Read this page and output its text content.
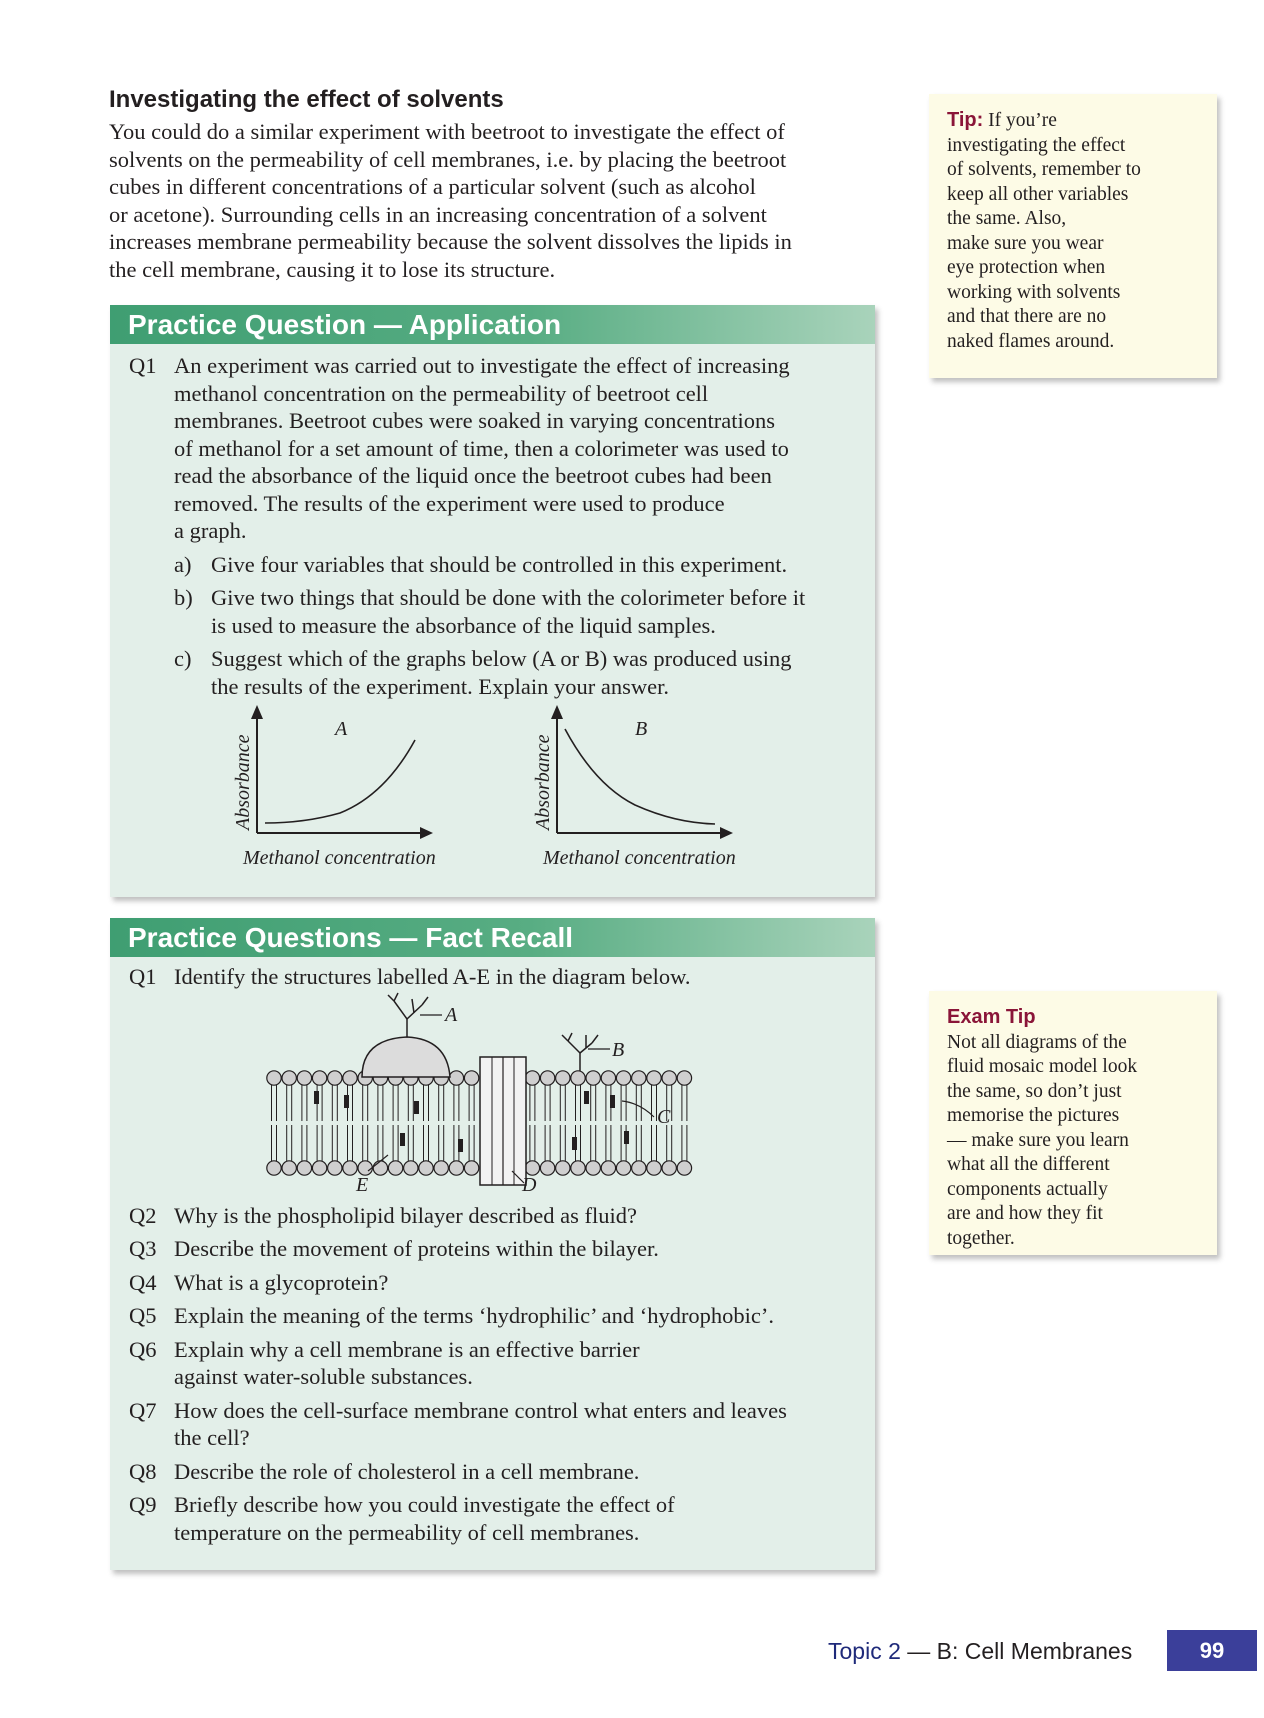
Investigating the effect of solvents

You could do a similar experiment with beetroot to investigate the effect of
solvents on the permeability of cell membranes, i.e. by placing the beetroot
cubes in different concentrations of a particular solvent (such as alcohol
or acetone). Surrounding cells in an increasing concentration of a solvent
increases membrane permeability because the solvent dissolves the lipids in
the cell membrane, causing it to lose its structure.

Practice Question — Application
Q1 An experiment was carried out to investigate the effect of increasing
methanol concentration on the permeability of beetroot cell
membranes. Beetroot cubes were soaked in varying concentrations
of methanol for a set amount of time, then a colorimeter was used to
read the absorbance of the liquid once the beetroot cubes had been
removed. The results of the experiment were used to produce
a graph.
a) Give four variables that should be controlled in this experiment.
b) Give two things that should be done with the colorimeter before it
is used to measure the absorbance of the liquid samples.
c) Suggest which of the graphs below (A or B) was produced using
the results of the experiment. Explain your answer.
A
Absorbance
Methanol concentration
B
Absorbance
Methanol concentration
Practice Questions — Fact Recall
Q1 Identify the structures labelled A-E in the diagram below.
A
B
C
E	D
Q2 Why is the phospholipid bilayer described as fluid?
Q3 Describe the movement of proteins within the bilayer.
Q4 What is a glycoprotein?
Q5 Explain the meaning of the terms ‘hydrophilic’ and ‘hydrophobic’.
Q6 Explain why a cell membrane is an effective barrier
against water-soluble substances.
Q7 How does the cell-surface membrane control what enters and leaves
the cell?
Q8 Describe the role of cholesterol in a cell membrane.
Q9 Briefly describe how you could investigate the effect of
temperature on the permeability of cell membranes.
Tip: If you’re
investigating the effect
of solvents, remember to
keep all other variables
the same. Also,
make sure you wear
eye protection when
working with solvents
and that there are no
naked flames around.
Exam Tip
Not all diagrams of the
fluid mosaic model look
the same, so don’t just
memorise the pictures
— make sure you learn
what all the different
components actually
are and how they fit
together.
Topic 2 — B: Cell Membranes	99
